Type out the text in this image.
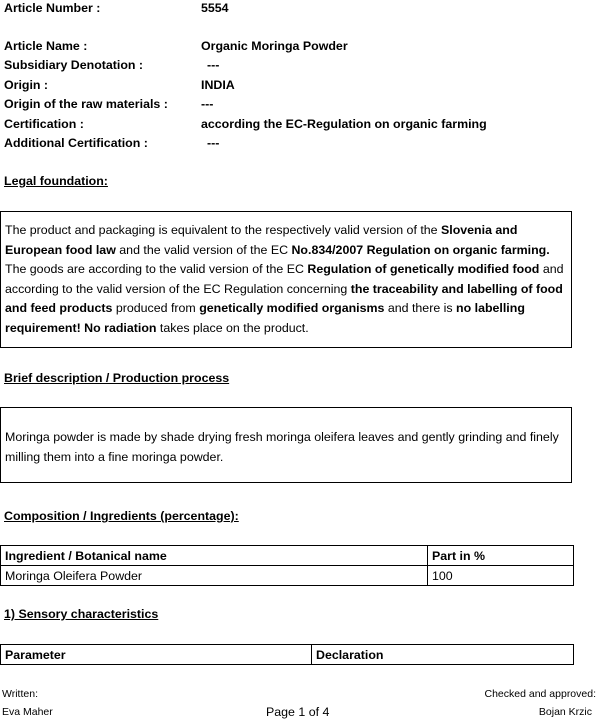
Article Number :	5554
Article Name :	Organic Moringa Powder
Subsidiary Denotation :	---
Origin :	INDIA
Origin of the raw materials :	---
Certification :	according the EC-Regulation on organic farming
Additional Certification :	---
Legal foundation:
The product and packaging is equivalent to the respectively valid version of the Slovenia and European food law and the valid version of the EC No.834/2007 Regulation on organic farming. The goods are according to the valid version of the EC Regulation of genetically modified food and according to the valid version of the EC Regulation concerning the traceability and labelling of food and feed products produced from genetically modified organisms and there is no labelling requirement! No radiation takes place on the product.
Brief description / Production process
Moringa powder is made by shade drying fresh moringa oleifera leaves and gently grinding and finely milling them into a fine moringa powder.
Composition / Ingredients (percentage):
Ingredient / Botanical name	Part in %
Moringa Oleifera Powder	100
1) Sensory characteristics
Parameter	Declaration
Written:
Eva Maher	Page 1 of 4
Checked and approved:
Bojan Krzic
